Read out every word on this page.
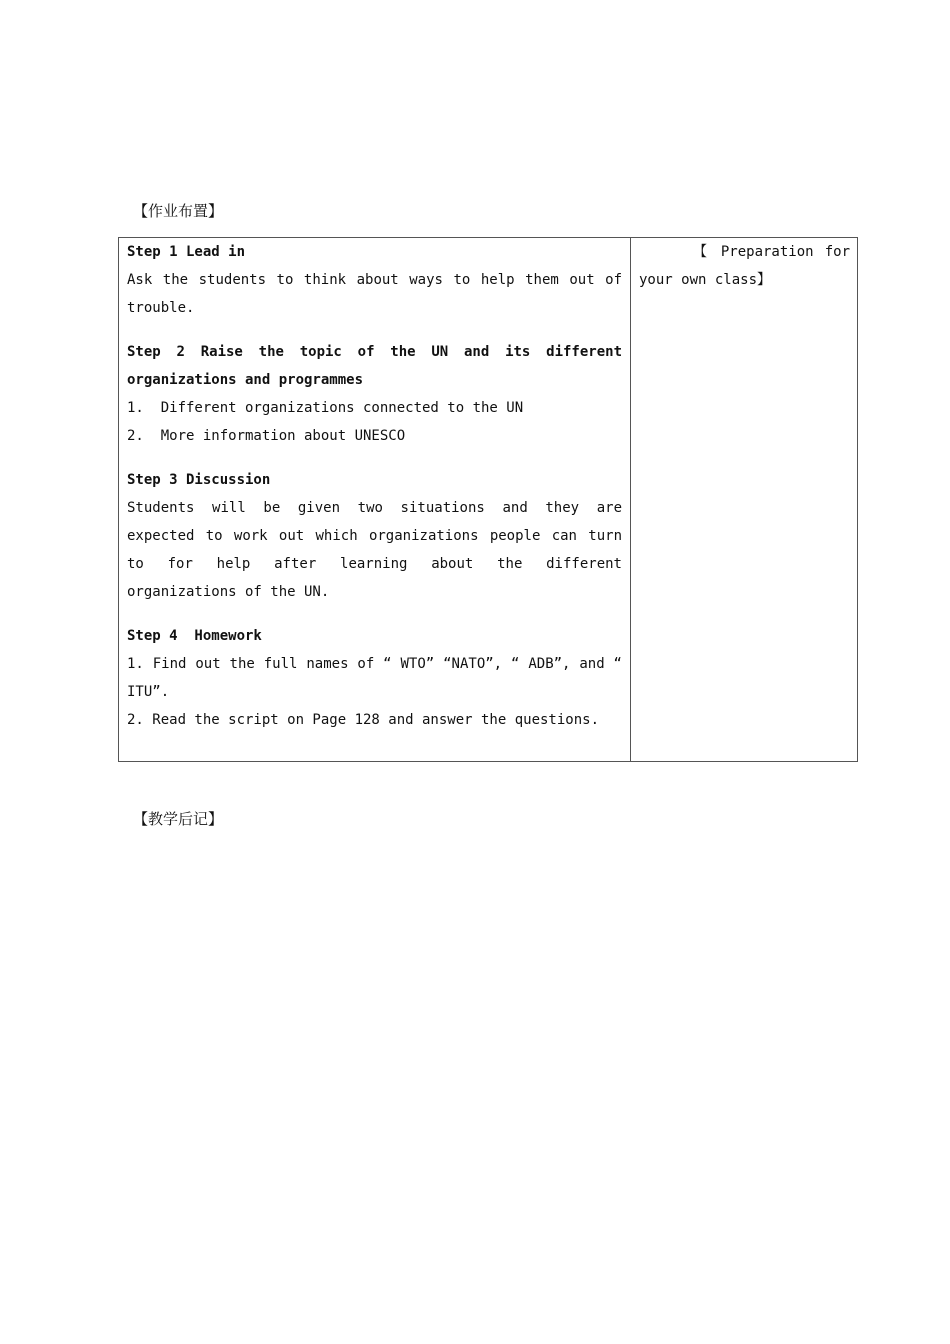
【作业布置】
Step 1 Lead in
Ask the students to think about ways to help them out of trouble.
Step 2 Raise the topic of the UN and its different organizations and programmes
1.  Different organizations connected to the UN
2.  More information about UNESCO
Step 3 Discussion
Students will be given two situations and they are expected to work out which organizations people can turn to for help after learning about the different organizations of the UN.
Step 4  Homework
1. Find out the full names of “ WTO” “NATO”, “ ADB”, and “ ITU”.
2. Read the script on Page 128 and answer the questions.
【 Preparation for
your own class】
【教学后记】
